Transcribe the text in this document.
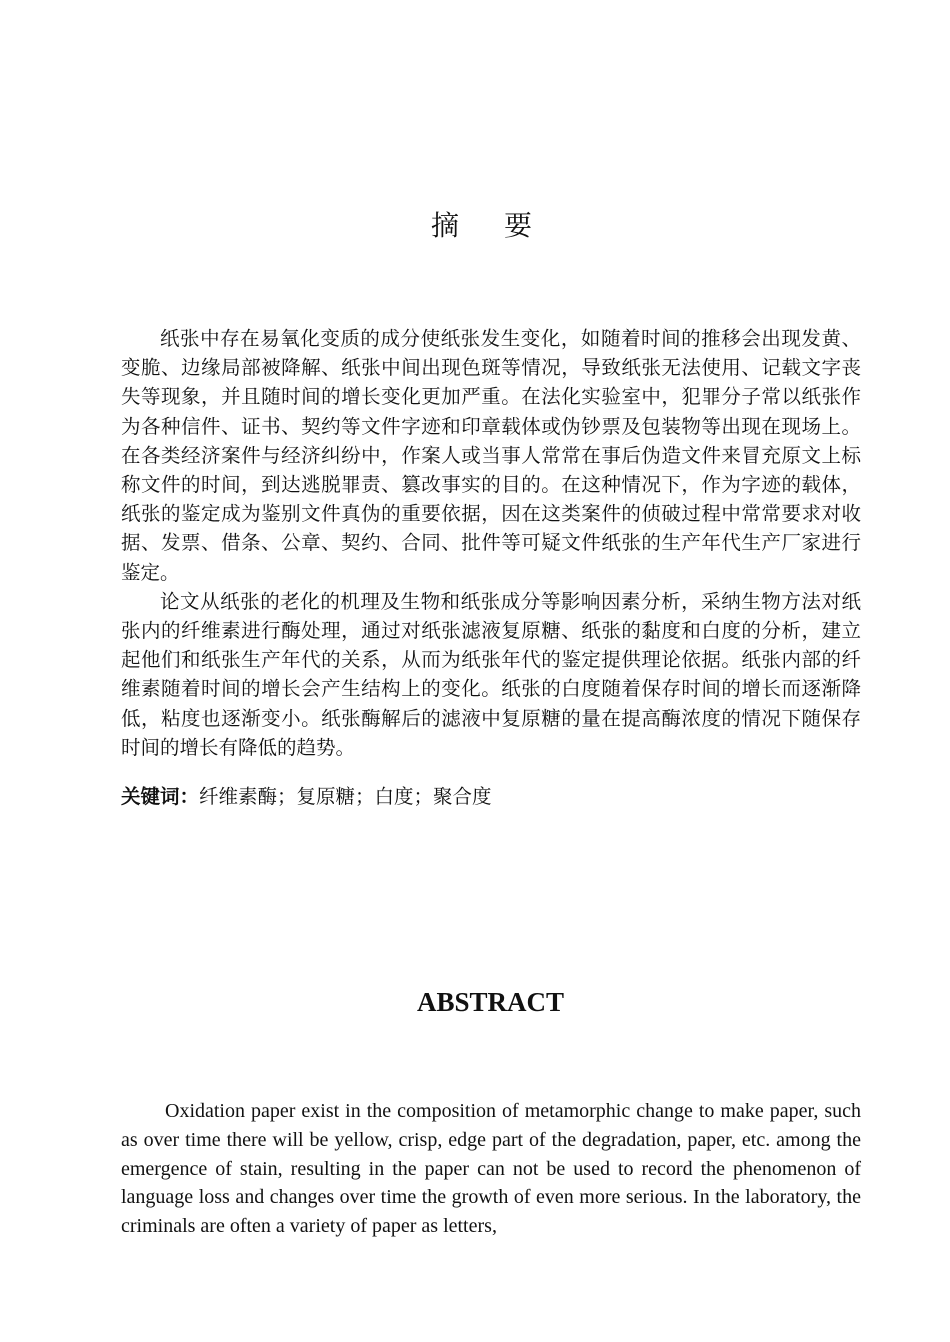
摘 要

纸张中存在易氧化变质的成分使纸张发生变化，如随着时间的推移会出现发黄、变脆、边缘局部被降解、纸张中间出现色斑等情况，导致纸张无法使用、记载文字丧失等现象，并且随时间的增长变化更加严重。在法化实验室中，犯罪分子常以纸张作为各种信件、证书、契约等文件字迹和印章载体或伪钞票及包装物等出现在现场上。在各类经济案件与经济纠纷中，作案人或当事人常常在事后伪造文件来冒充原文上标称文件的时间，到达逃脱罪责、篡改事实的目的。在这种情况下，作为字迹的载体，纸张的鉴定成为鉴别文件真伪的重要依据，因在这类案件的侦破过程中常常要求对收据、发票、借条、公章、契约、合同、批件等可疑文件纸张的生产年代生产厂家进行鉴定。

论文从纸张的老化的机理及生物和纸张成分等影响因素分析，采纳生物方法对纸张内的纤维素进行酶处理，通过对纸张滤液复原糖、纸张的黏度和白度的分析，建立起他们和纸张生产年代的关系，从而为纸张年代的鉴定提供理论依据。纸张内部的纤维素随着时间的增长会产生结构上的变化。纸张的白度随着保存时间的增长而逐渐降低，粘度也逐渐变小。纸张酶解后的滤液中复原糖的量在提高酶浓度的情况下随保存时间的增长有降低的趋势。

关键词：纤维素酶；复原糖；白度；聚合度
ABSTRACT

Oxidation paper exist in the composition of metamorphic change to make paper, such as over time there will be yellow, crisp, edge part of the degradation, paper, etc. among the emergence of stain, resulting in the paper can not be used to record the phenomenon of language loss and changes over time the growth of even more serious. In the laboratory, the criminals are often a variety of paper as letters,
